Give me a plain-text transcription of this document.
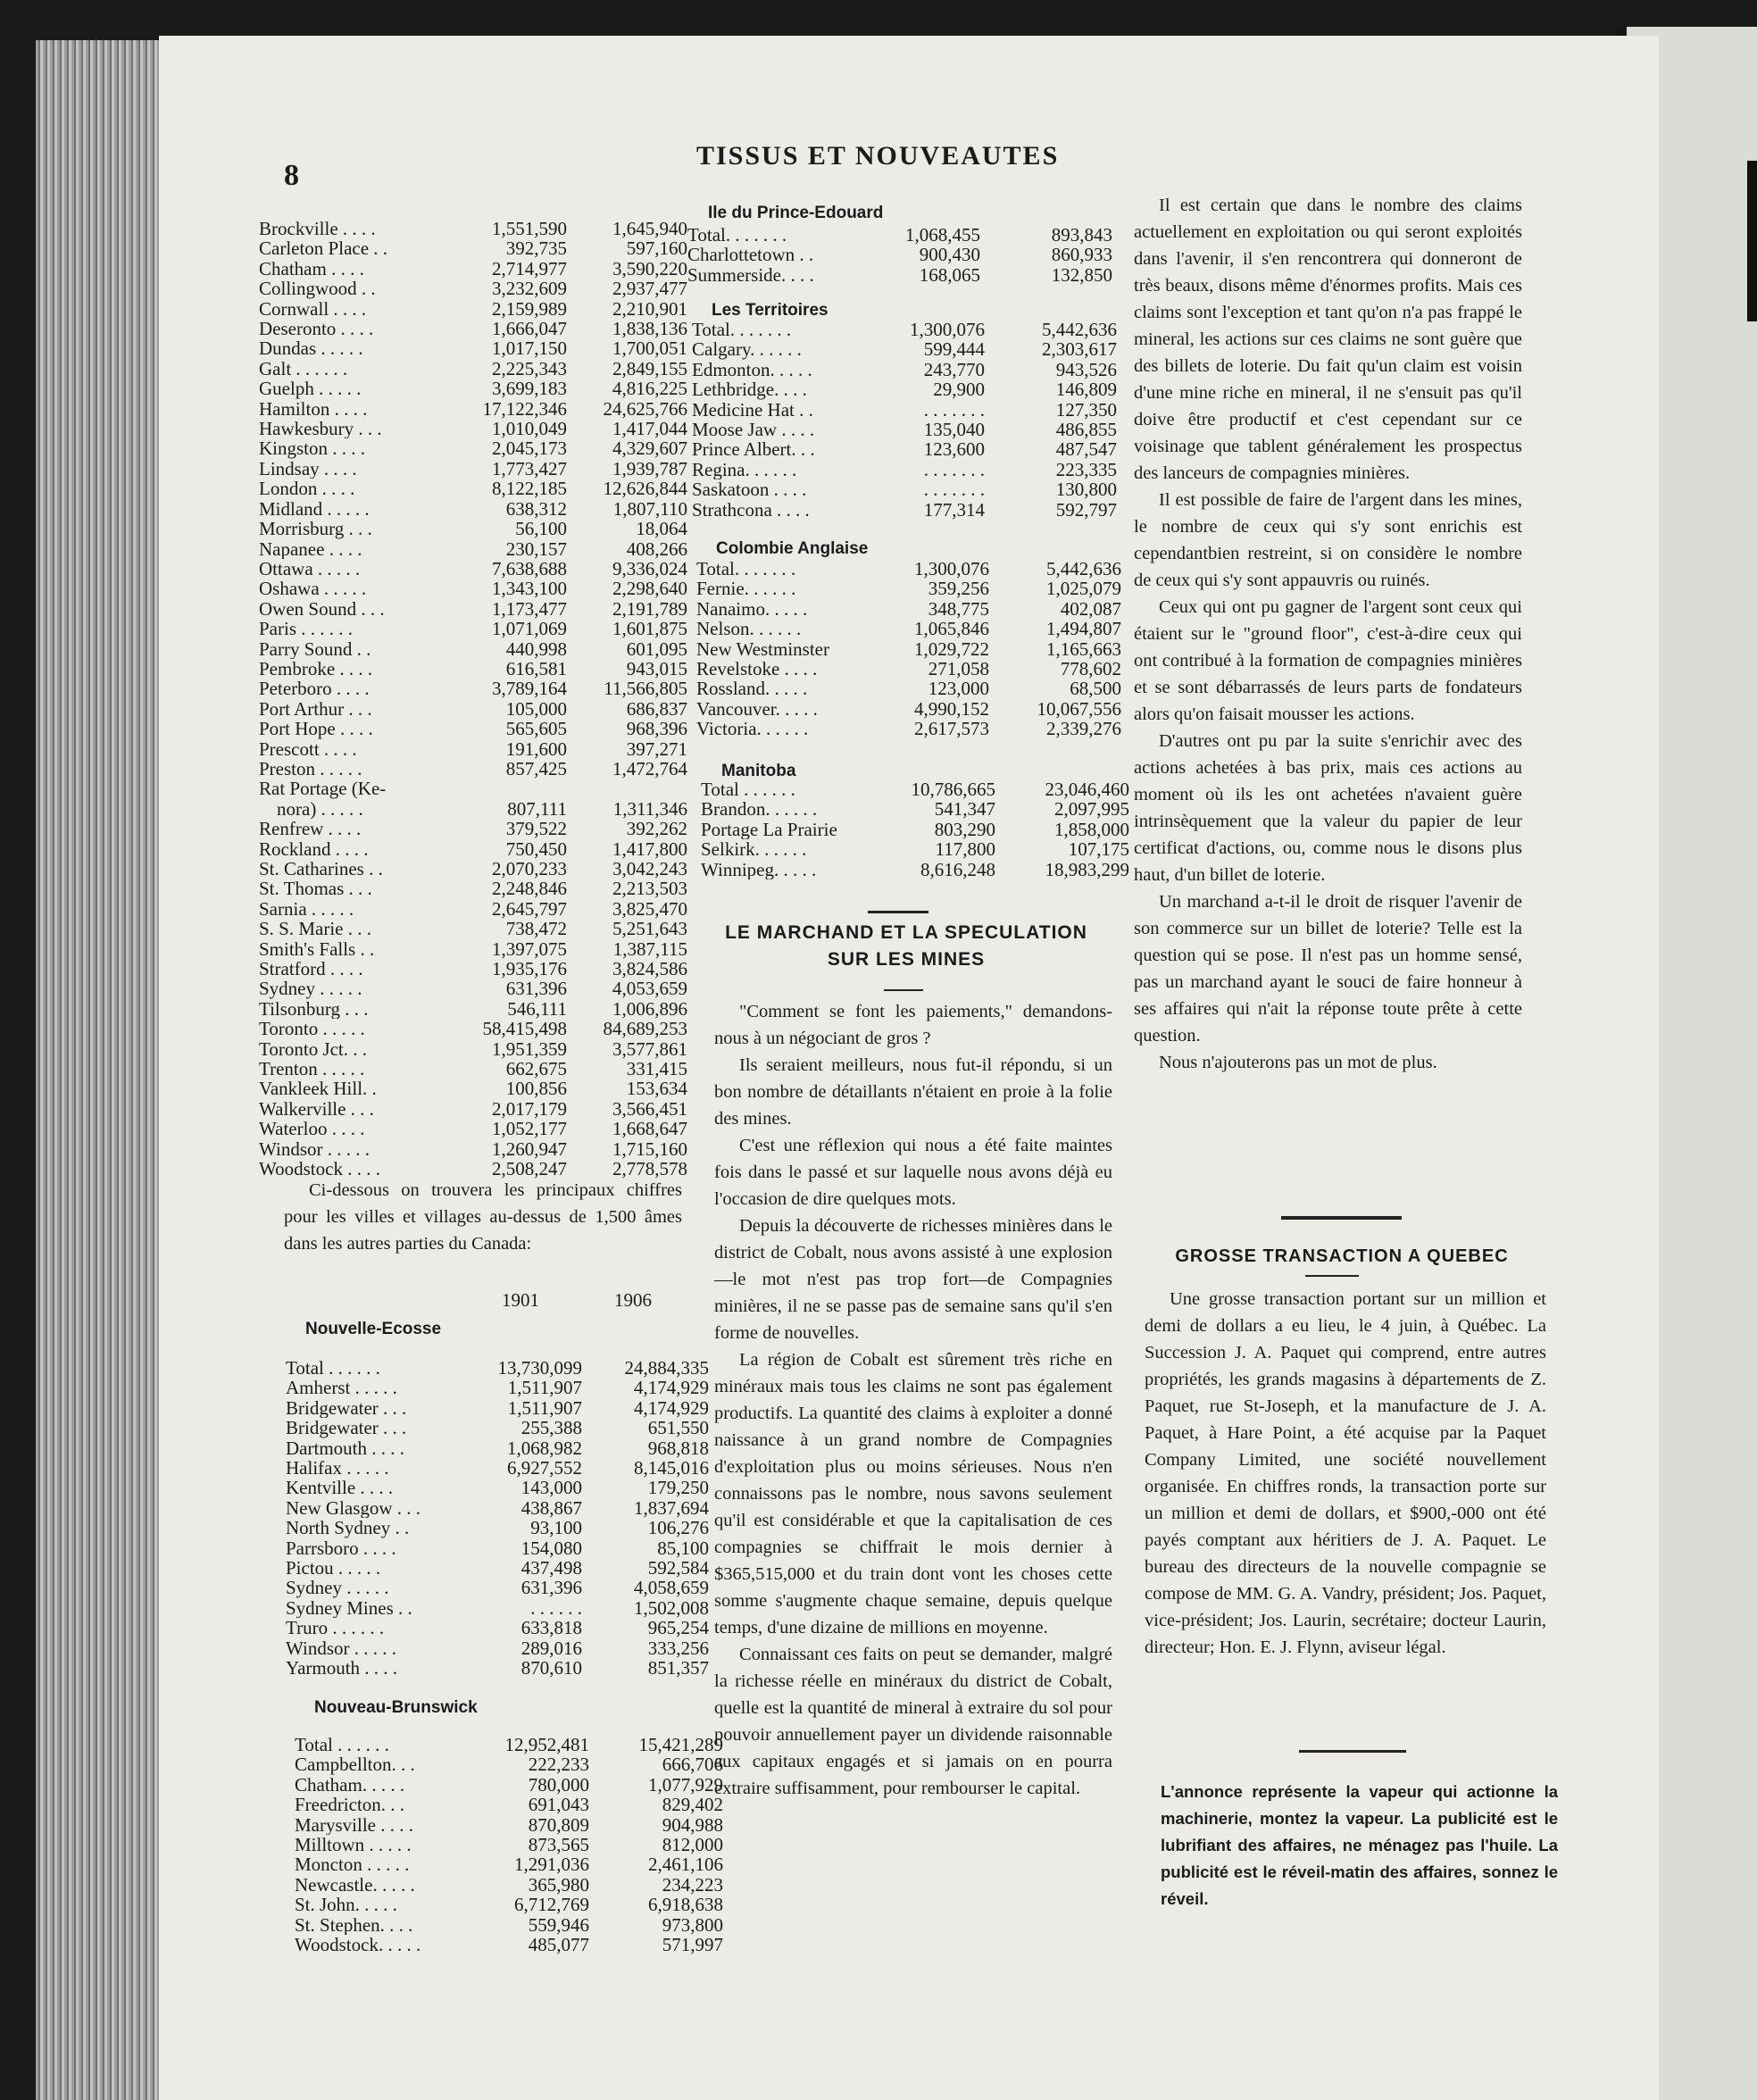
8
TISSUS ET NOUVEAUTES
Brockville . . . .	1,551,590	1,645,940
Carleton Place . .	392,735	597,160
Chatham . . . .	2,714,977	3,590,220
Collingwood . .	3,232,609	2,937,477
Cornwall . . . .	2,159,989	2,210,901
Deseronto . . . .	1,666,047	1,838,136
Dundas . . . . .	1,017,150	1,700,051
Galt . . . . . .	2,225,343	2,849,155
Guelph . . . . .	3,699,183	4,816,225
Hamilton . . . .	17,122,346	24,625,766
Hawkesbury . . .	1,010,049	1,417,044
Kingston . . . .	2,045,173	4,329,607
Lindsay . . . .	1,773,427	1,939,787
London . . . .	8,122,185	12,626,844
Midland . . . . .	638,312	1,807,110
Morrisburg . . .	56,100	18,064
Napanee . . . .	230,157	408,266
Ottawa . . . . .	7,638,688	9,336,024
Oshawa . . . . .	1,343,100	2,298,640
Owen Sound . . .	1,173,477	2,191,789
Paris . . . . . .	1,071,069	1,601,875
Parry Sound . .	440,998	601,095
Pembroke . . . .	616,581	943,015
Peterboro . . . .	3,789,164	11,566,805
Port Arthur . . .	105,000	686,837
Port Hope . . . .	565,605	968,396
Prescott . . . .	191,600	397,271
Preston . . . . .	857,425	1,472,764
Rat Portage (Ke-
nora) . . . . .	807,111	1,311,346
Renfrew . . . .	379,522	392,262
Rockland . . . .	750,450	1,417,800
St. Catharines . .	2,070,233	3,042,243
St. Thomas . . .	2,248,846	2,213,503
Sarnia . . . . .	2,645,797	3,825,470
S. S. Marie . . .	738,472	5,251,643
Smith's Falls . .	1,397,075	1,387,115
Stratford . . . .	1,935,176	3,824,586
Sydney . . . . .	631,396	4,053,659
Tilsonburg . . .	546,111	1,006,896
Toronto . . . . .	58,415,498	84,689,253
Toronto Jct. . .	1,951,359	3,577,861
Trenton . . . . .	662,675	331,415
Vankleek Hill. .	100,856	153,634
Walkerville . . .	2,017,179	3,566,451
Waterloo . . . .	1,052,177	1,668,647
Windsor . . . . .	1,260,947	1,715,160
Woodstock . . . .	2,508,247	2,778,578

Ci-dessous on trouvera les principaux chiffres pour les villes et villages au-dessus de 1,500 âmes dans les autres parties du Canada:

1901	1906
Nouvelle-Ecosse
Total . . . . . .	13,730,099	24,884,335
Amherst . . . . .	1,511,907	4,174,929
Bridgewater . . .	1,511,907	4,174,929
Bridgewater . . .	255,388	651,550
Dartmouth . . . .	1,068,982	968,818
Halifax . . . . .	6,927,552	8,145,016
Kentville . . . .	143,000	179,250
New Glasgow . . .	438,867	1,837,694
North Sydney . .	93,100	106,276
Parrsboro . . . .	154,080	85,100
Pictou . . . . .	437,498	592,584
Sydney . . . . .	631,396	4,058,659
Sydney Mines . .	. . . . . .	1,502,008
Truro . . . . . .	633,818	965,254
Windsor . . . . .	289,016	333,256
Yarmouth . . . .	870,610	851,357
Nouveau-Brunswick
Total . . . . . .	12,952,481	15,421,289
Campbellton. . .	222,233	666,706
Chatham. . . . .	780,000	1,077,929
Freedricton. . .	691,043	829,402
Marysville . . . .	870,809	904,988
Milltown . . . . .	873,565	812,000
Moncton . . . . .	1,291,036	2,461,106
Newcastle. . . . .	365,980	234,223
St. John. . . . .	6,712,769	6,918,638
St. Stephen. . . .	559,946	973,800
Woodstock. . . . .	485,077	571,997
Ile du Prince-Edouard
Total. . . . . . .	1,068,455	893,843
Charlottetown . .	900,430	860,933
Summerside. . . .	168,065	132,850
Les Territoires
Total. . . . . . .	1,300,076	5,442,636
Calgary. . . . . .	599,444	2,303,617
Edmonton. . . . .	243,770	943,526
Lethbridge. . . .	29,900	146,809
Medicine Hat . .	. . . . . . .	127,350
Moose Jaw . . . .	135,040	486,855
Prince Albert. . .	123,600	487,547
Regina. . . . . .	. . . . . . .	223,335
Saskatoon . . . .	. . . . . . .	130,800
Strathcona . . . .	177,314	592,797
Colombie Anglaise
Total. . . . . . .	1,300,076	5,442,636
Fernie. . . . . .	359,256	1,025,079
Nanaimo. . . . .	348,775	402,087
Nelson. . . . . .	1,065,846	1,494,807
New Westminster	1,029,722	1,165,663
Revelstoke . . . .	271,058	778,602
Rossland. . . . .	123,000	68,500
Vancouver. . . . .	4,990,152	10,067,556
Victoria. . . . . .	2,617,573	2,339,276
Manitoba
Total . . . . . .	10,786,665	23,046,460
Brandon. . . . . .	541,347	2,097,995
Portage La Prairie	803,290	1,858,000
Selkirk. . . . . .	117,800	107,175
Winnipeg. . . . .	8,616,248	18,983,299
LE MARCHAND ET LA SPECULATION
SUR LES MINES

"Comment se font les paiements," demandons-nous à un négociant de gros ?

Ils seraient meilleurs, nous fut-il répondu, si un bon nombre de détaillants n'étaient en proie à la folie des mines.

C'est une réflexion qui nous a été faite maintes fois dans le passé et sur laquelle nous avons déjà eu l'occasion de dire quelques mots.

Depuis la découverte de richesses minières dans le district de Cobalt, nous avons assisté à une explosion—le mot n'est pas trop fort—de Compagnies minières, il ne se passe pas de semaine sans qu'il s'en forme de nouvelles.

La région de Cobalt est sûrement très riche en minéraux mais tous les claims ne sont pas également productifs. La quantité des claims à exploiter a donné naissance à un grand nombre de Compagnies d'exploitation plus ou moins sérieuses. Nous n'en connaissons pas le nombre, nous savons seulement qu'il est considérable et que la capitalisation de ces compagnies se chiffrait le mois dernier à $365,515,000 et du train dont vont les choses cette somme s'augmente chaque semaine, depuis quelque temps, d'une dizaine de millions en moyenne.

Connaissant ces faits on peut se demander, malgré la richesse réelle en minéraux du district de Cobalt, quelle est la quantité de mineral à extraire du sol pour pouvoir annuellement payer un dividende raisonnable aux capitaux engagés et si jamais on en pourra extraire suffisamment, pour rembourser le capital.

Il est certain que dans le nombre des claims actuellement en exploitation ou qui seront exploités dans l'avenir, il s'en rencontrera qui donneront de très beaux, disons même d'énormes profits. Mais ces claims sont l'exception et tant qu'on n'a pas frappé le mineral, les actions sur ces claims ne sont guère que des billets de loterie. Du fait qu'un claim est voisin d'une mine riche en mineral, il ne s'ensuit pas qu'il doive être productif et c'est cependant sur ce voisinage que tablent généralement les prospectus des lanceurs de compagnies minières.

Il est possible de faire de l'argent dans les mines, le nombre de ceux qui s'y sont enrichis est cependantbien restreint, si on considère le nombre de ceux qui s'y sont appauvris ou ruinés.

Ceux qui ont pu gagner de l'argent sont ceux qui étaient sur le "ground floor", c'est-à-dire ceux qui ont contribué à la formation de compagnies minières et se sont débarrassés de leurs parts de fondateurs alors qu'on faisait mousser les actions.

D'autres ont pu par la suite s'enrichir avec des actions achetées à bas prix, mais ces actions au moment où ils les ont achetées n'avaient guère intrinsèquement que la valeur du papier de leur certificat d'actions, ou, comme nous le disons plus haut, d'un billet de loterie.

Un marchand a-t-il le droit de risquer l'avenir de son commerce sur un billet de loterie? Telle est la question qui se pose. Il n'est pas un homme sensé, pas un marchand ayant le souci de faire honneur à ses affaires qui n'ait la réponse toute prête à cette question.

Nous n'ajouterons pas un mot de plus.

GROSSE TRANSACTION A QUEBEC

Une grosse transaction portant sur un million et demi de dollars a eu lieu, le 4 juin, à Québec. La Succession J. A. Paquet qui comprend, entre autres propriétés, les grands magasins à départements de Z. Paquet, rue St-Joseph, et la manufacture de J. A. Paquet, à Hare Point, a été acquise par la Paquet Company Limited, une société nouvellement organisée. En chiffres ronds, la transaction porte sur un million et demi de dollars, et $900,-000 ont été payés comptant aux héritiers de J. A. Paquet. Le bureau des directeurs de la nouvelle compagnie se compose de MM. G. A. Vandry, président; Jos. Paquet, vice-président; Jos. Laurin, secrétaire; docteur Laurin, directeur; Hon. E. J. Flynn, aviseur légal.

L'annonce représente la vapeur qui actionne la machinerie, montez la vapeur. La publicité est le lubrifiant des affaires, ne ménagez pas l'huile. La publicité est le réveil-matin des affaires, sonnez le réveil.
